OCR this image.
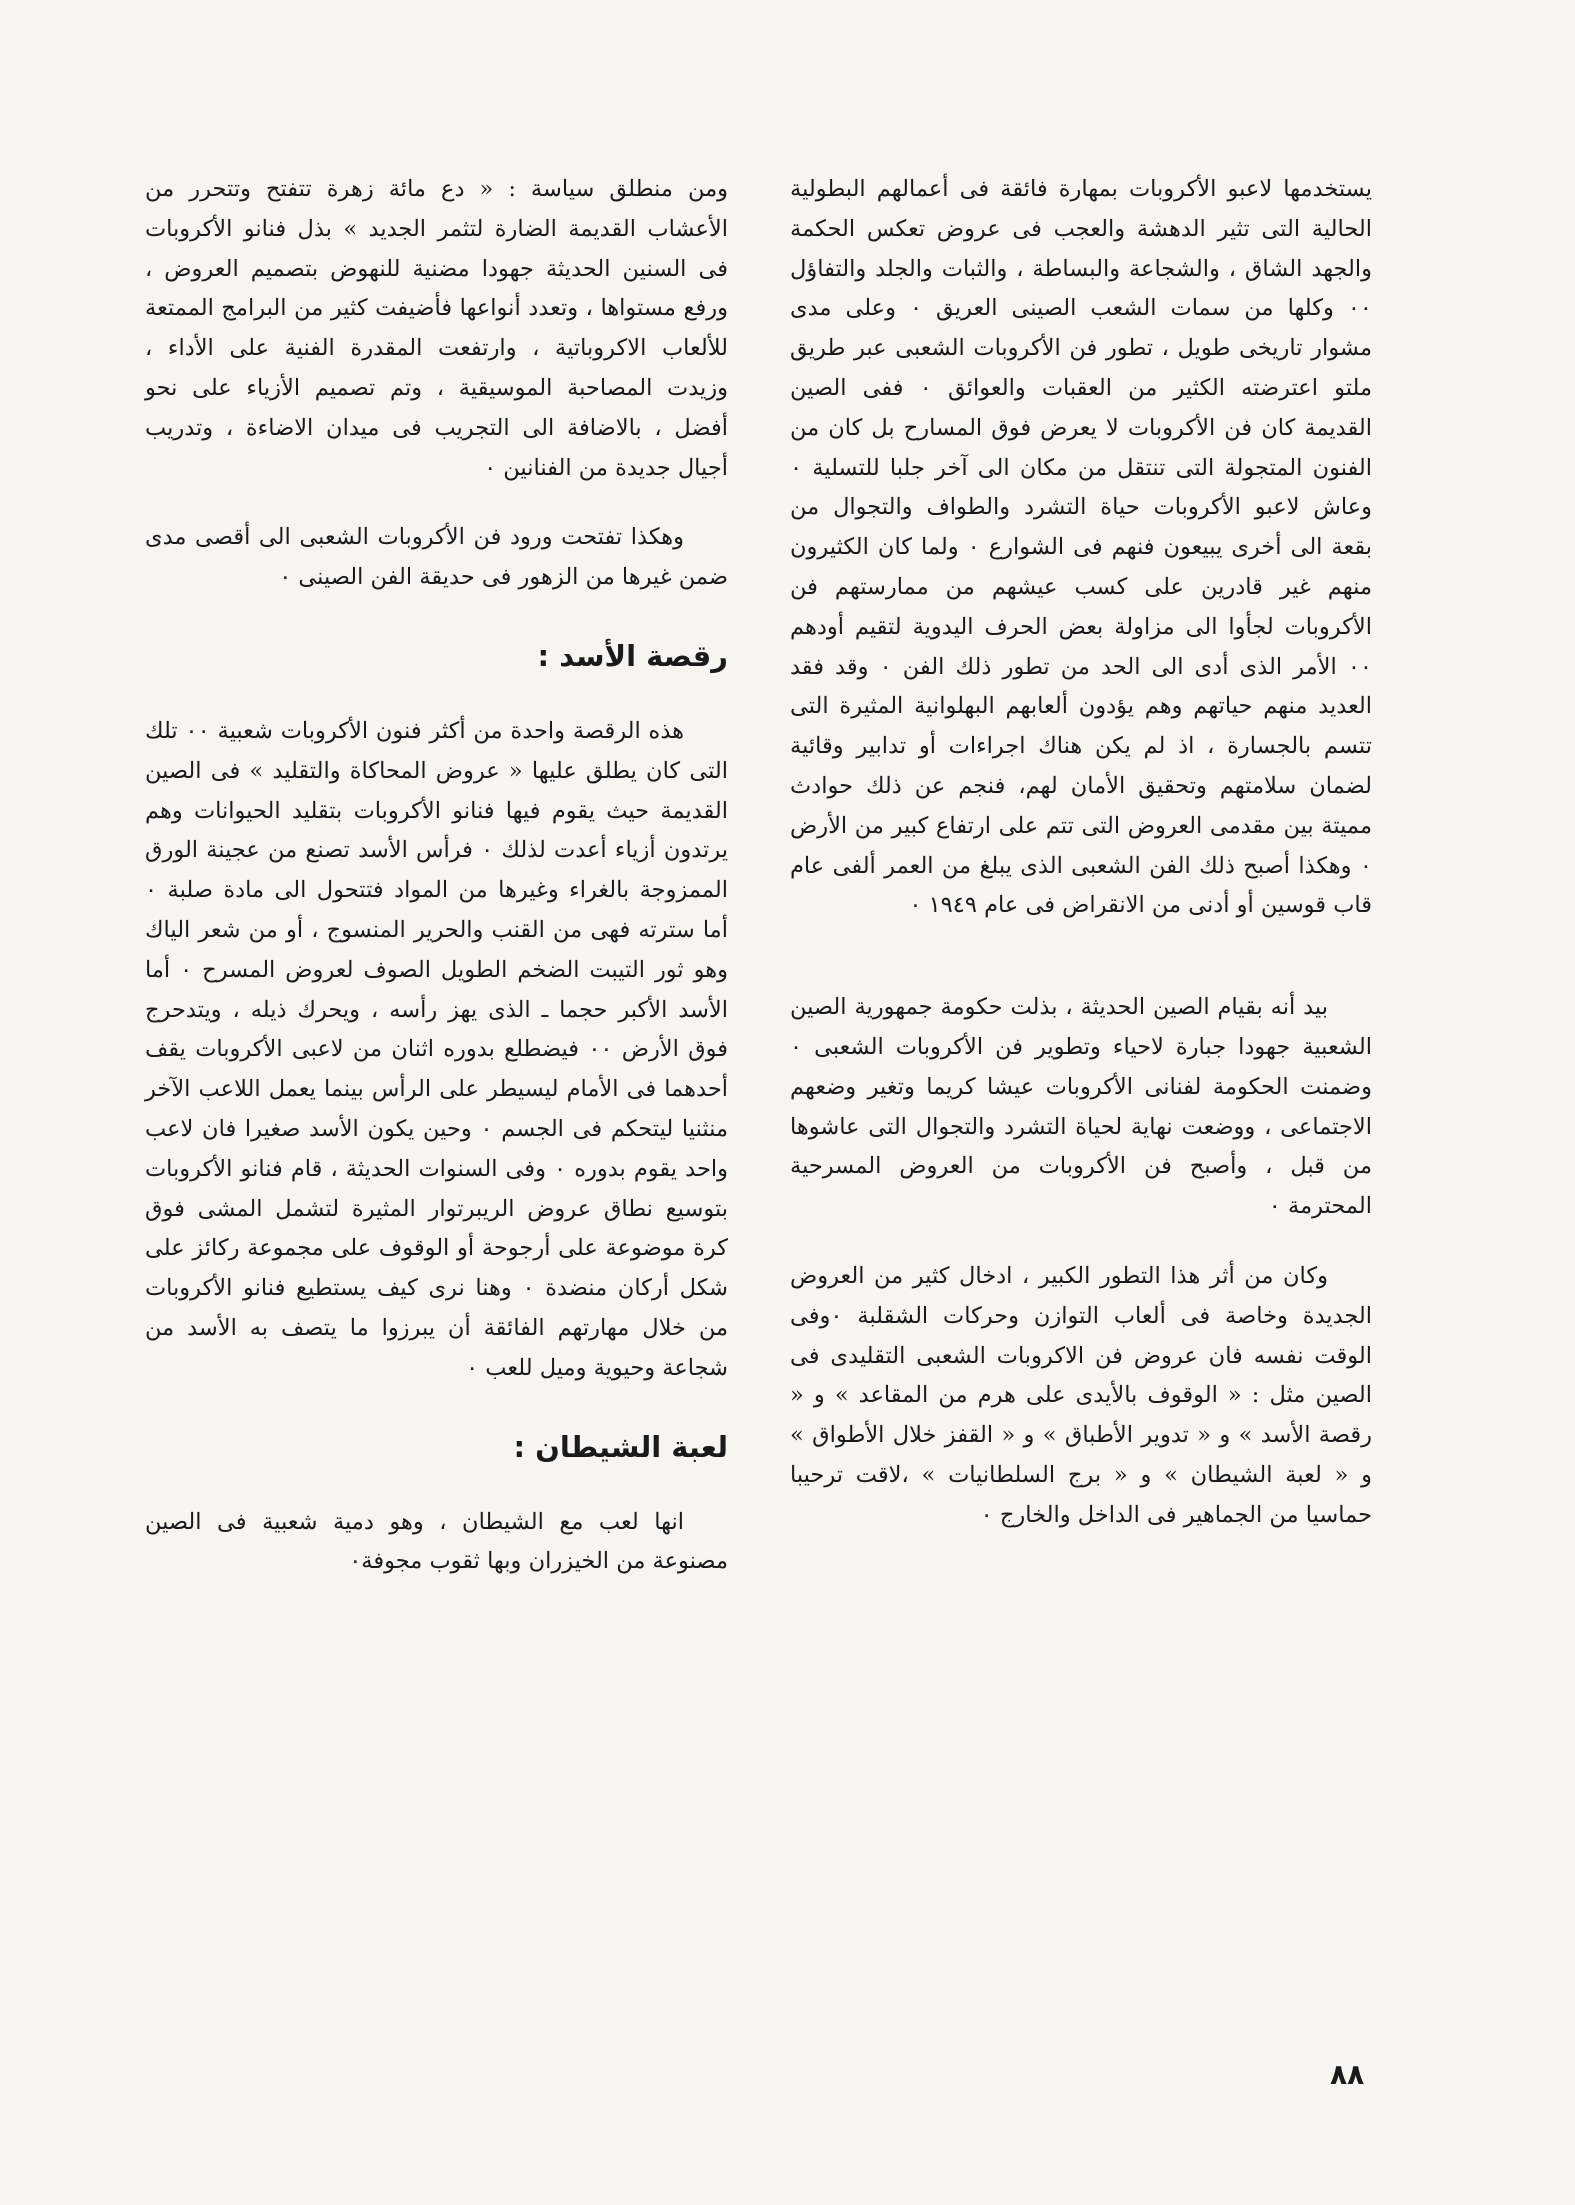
يستخدمها لاعبو الأكروبات بمهارة فائقة فى أعمالهم البطولية الحالية التى تثير الدهشة والعجب فى عروض تعكس الحكمة والجهد الشاق ، والشجاعة والبساطة ، والثبات والجلد والتفاؤل ٠٠ وكلها من سمات الشعب الصينى العريق ٠ وعلى مدى مشوار تاريخى طويل ، تطور فن الأكروبات الشعبى عبر طريق ملتو اعترضته الكثير من العقبات والعوائق ٠ ففى الصين القديمة كان فن الأكروبات لا يعرض فوق المسارح بل كان من الفنون المتجولة التى تنتقل من مكان الى آخر جلبا للتسلية ٠ وعاش لاعبو الأكروبات حياة التشرد والطواف والتجوال من بقعة الى أخرى يبيعون فنهم فى الشوارع ٠ ولما كان الكثيرون منهم غير قادرين على كسب عيشهم من ممارستهم فن الأكروبات لجأوا الى مزاولة بعض الحرف اليدوية لتقيم أودهم ٠٠ الأمر الذى أدى الى الحد من تطور ذلك الفن ٠ وقد فقد العديد منهم حياتهم وهم يؤدون ألعابهم البهلوانية المثيرة التى تتسم بالجسارة ، اذ لم يكن هناك اجراءات أو تدابير وقائية لضمان سلامتهم وتحقيق الأمان لهم، فنجم عن ذلك حوادث مميتة بين مقدمى العروض التى تتم على ارتفاع كبير من الأرض ٠ وهكذا أصبح ذلك الفن الشعبى الذى يبلغ من العمر ألفى عام قاب قوسين أو أدنى من الانقراض فى عام ١٩٤٩ ٠

بيد أنه بقيام الصين الحديثة ، بذلت حكومة جمهورية الصين الشعبية جهودا جبارة لاحياء وتطوير فن الأكروبات الشعبى ٠ وضمنت الحكومة لفنانى الأكروبات عيشا كريما وتغير وضعهم الاجتماعى ، ووضعت نهاية لحياة التشرد والتجوال التى عاشوها من قبل ، وأصبح فن الأكروبات من العروض المسرحية المحترمة ٠

وكان من أثر هذا التطور الكبير ، ادخال كثير من العروض الجديدة وخاصة فى ألعاب التوازن وحركات الشقلبة ٠وفى الوقت نفسه فان عروض فن الاكروبات الشعبى التقليدى فى الصين مثل : « الوقوف بالأيدى على هرم من المقاعد » و « رقصة الأسد » و « تدوير الأطباق » و « القفز خلال الأطواق » و « لعبة الشيطان » و « برج السلطانيات » ،لاقت ترحيبا حماسيا من الجماهير فى الداخل والخارج ٠

ومن منطلق سياسة : « دع مائة زهرة تتفتح وتتحرر من الأعشاب القديمة الضارة لتثمر الجديد » بذل فنانو الأكروبات فى السنين الحديثة جهودا مضنية للنهوض بتصميم العروض ، ورفع مستواها ، وتعدد أنواعها فأضيفت كثير من البرامج الممتعة للألعاب الاكروباتية ، وارتفعت المقدرة الفنية على الأداء ، وزيدت المصاحبة الموسيقية ، وتم تصميم الأزياء على نحو أفضل ، بالاضافة الى التجريب فى ميدان الاضاءة ، وتدريب أجيال جديدة من الفنانين ٠

وهكذا تفتحت ورود فن الأكروبات الشعبى الى أقصى مدى ضمن غيرها من الزهور فى حديقة الفن الصينى ٠

رقصة الأسد :

هذه الرقصة واحدة من أكثر فنون الأكروبات شعبية ٠٠ تلك التى كان يطلق عليها « عروض المحاكاة والتقليد » فى الصين القديمة حيث يقوم فيها فنانو الأكروبات بتقليد الحيوانات وهم يرتدون أزياء أعدت لذلك ٠ فرأس الأسد تصنع من عجينة الورق الممزوجة بالغراء وغيرها من المواد فتتحول الى مادة صلبة ٠ أما سترته فهى من القنب والحرير المنسوج ، أو من شعر الياك وهو ثور التيبت الضخم الطويل الصوف لعروض المسرح ٠ أما الأسد الأكبر حجما ـ الذى يهز رأسه ، ويحرك ذيله ، ويتدحرج فوق الأرض ٠٠ فيضطلع بدوره اثنان من لاعبى الأكروبات يقف أحدهما فى الأمام ليسيطر على الرأس بينما يعمل اللاعب الآخر منثنيا ليتحكم فى الجسم ٠ وحين يكون الأسد صغيرا فان لاعب واحد يقوم بدوره ٠ وفى السنوات الحديثة ، قام فنانو الأكروبات بتوسيع نطاق عروض الريبرتوار المثيرة لتشمل المشى فوق كرة موضوعة على أرجوحة أو الوقوف على مجموعة ركائز على شكل أركان منضدة ٠ وهنا نرى كيف يستطيع فنانو الأكروبات من خلال مهارتهم الفائقة أن يبرزوا ما يتصف به الأسد من شجاعة وحيوية وميل للعب ٠

لعبة الشيطان :

انها لعب مع الشيطان ، وهو دمية شعبية فى الصين مصنوعة من الخيزران وبها ثقوب مجوفة٠

٨٨
